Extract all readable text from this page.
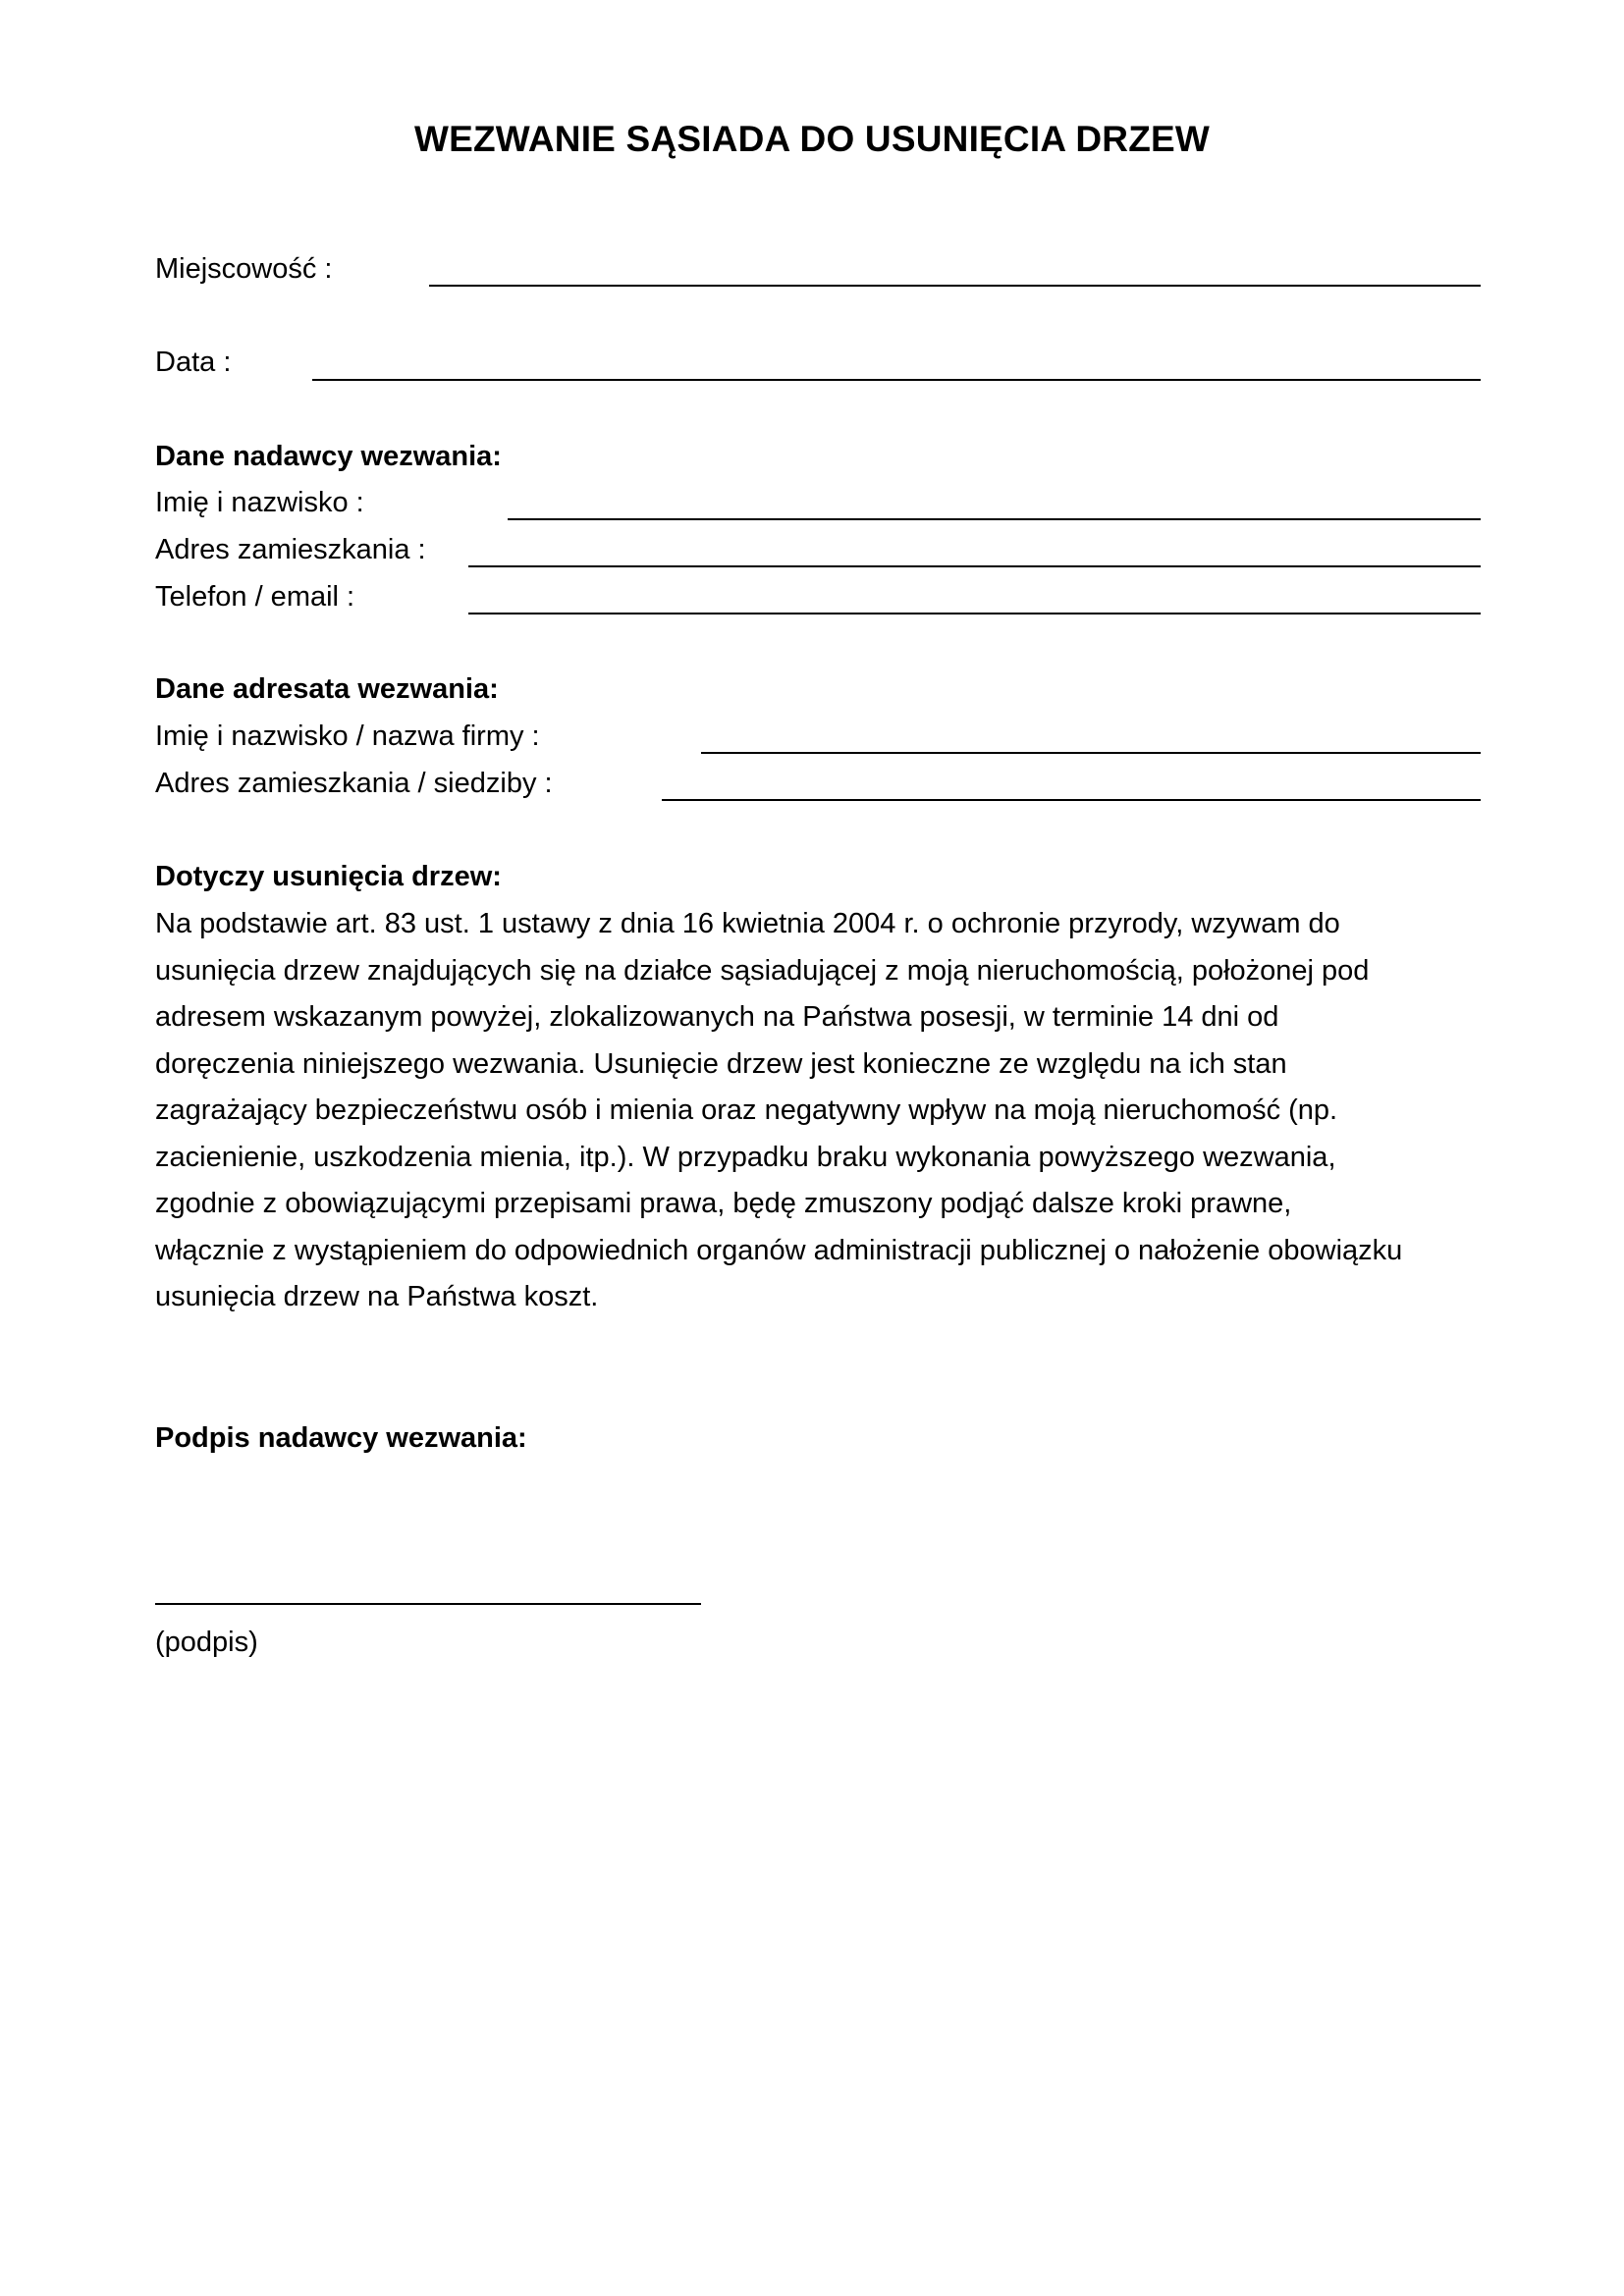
WEZWANIE SĄSIADA DO USUNIĘCIA DRZEW
Miejscowość :
Data :
Dane nadawcy wezwania:
Imię i nazwisko :
Adres zamieszkania :
Telefon / email :
Dane adresata wezwania:
Imię i nazwisko / nazwa firmy :
Adres zamieszkania / siedziby :
Dotyczy usunięcia drzew:
Na podstawie art. 83 ust. 1 ustawy z dnia 16 kwietnia 2004 r. o ochronie przyrody, wzywam do
usunięcia drzew znajdujących się na działce sąsiadującej z moją nieruchomością, położonej pod
adresem wskazanym powyżej, zlokalizowanych na Państwa posesji, w terminie 14 dni od
doręczenia niniejszego wezwania. Usunięcie drzew jest konieczne ze względu na ich stan
zagrażający bezpieczeństwu osób i mienia oraz negatywny wpływ na moją nieruchomość (np.
zacienienie, uszkodzenia mienia, itp.). W przypadku braku wykonania powyższego wezwania,
zgodnie z obowiązującymi przepisami prawa, będę zmuszony podjąć dalsze kroki prawne,
włącznie z wystąpieniem do odpowiednich organów administracji publicznej o nałożenie obowiązku
usunięcia drzew na Państwa koszt.
Podpis nadawcy wezwania:
(podpis)
